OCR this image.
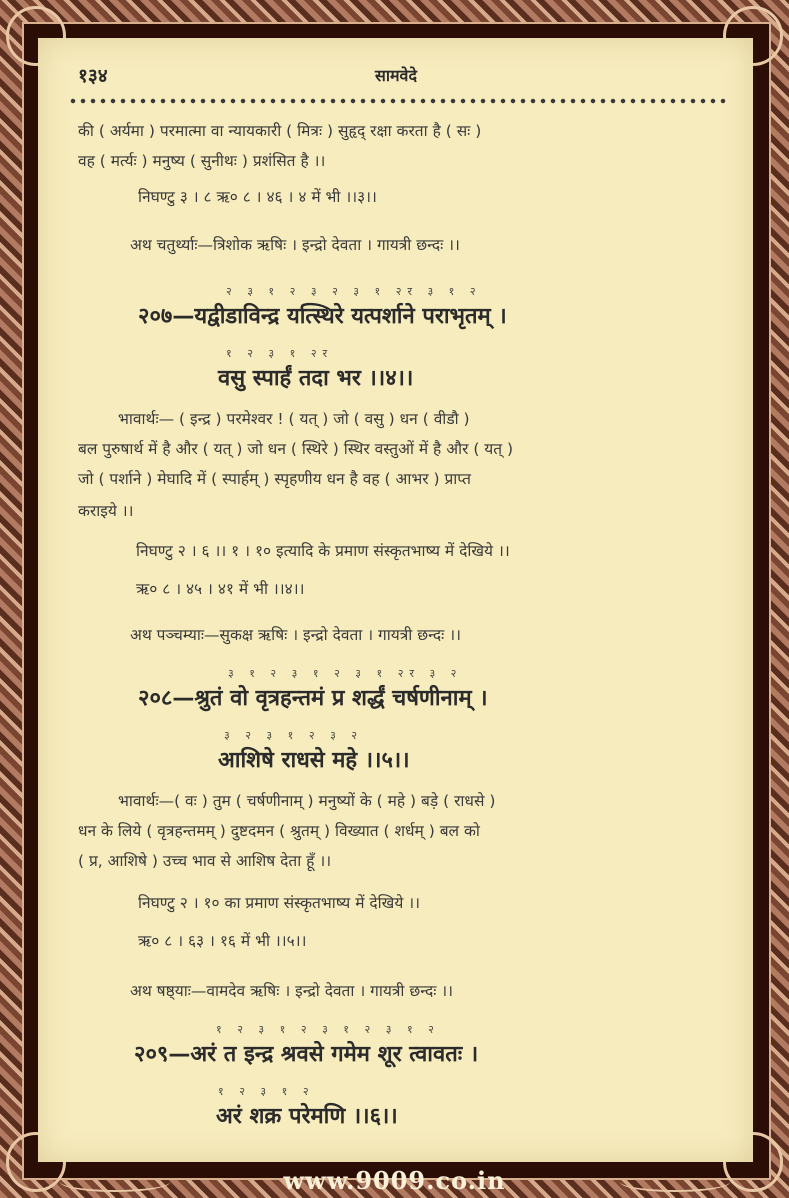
१३४	सामवेदे
की ( अर्यमा ) परमात्मा वा न्यायकारी ( मित्रः ) सुहृद् रक्षा करता है ( सः )
वह ( मर्त्यः ) मनुष्य ( सुनीथः ) प्रशंसित है ।।
निघण्टु ३ । ८ ऋ० ८ । ४६ । ४ में भी ।।३।।
अथ चतुर्थ्याः—त्रिशोक ऋषिः । इन्द्रो देवता । गायत्री छन्दः ।।
२ ३ १ २ ३ २ ३ १ २र ३ १ २
२०७—यद्वीडाविन्द्र यत्स्थिरे यत्पर्शाने पराभृतम् ।
१ २ ३ १ २र
वसु स्पार्हं तदा भर ।।४।।
भावार्थः— ( इन्द्र ) परमेश्वर ! ( यत् ) जो ( वसु ) धन ( वीडौ )
बल पुरुषार्थ में है और ( यत् ) जो धन ( स्थिरे ) स्थिर वस्तुओं में है और ( यत् )
जो ( पर्शाने ) मेघादि में ( स्पार्हम् ) स्पृहणीय धन है वह ( आभर ) प्राप्त
कराइये ।।
निघण्टु २ । ६ ।। १ । १० इत्यादि के प्रमाण संस्कृतभाष्य में देखिये ।।
ऋ० ८ । ४५ । ४१ में भी ।।४।।
अथ पञ्चम्याः—सुकक्ष ऋषिः । इन्द्रो देवता । गायत्री छन्दः ।।
३ १ २ ३ १ २ ३ १ २र ३ २
२०८—श्रुतं वो वृत्रहन्तमं प्र शर्द्धं चर्षणीनाम् ।
३ २ ३ १ २ ३ २
आशिषे राधसे महे ।।५।।
भावार्थः—( वः ) तुम ( चर्षणीनाम् ) मनुष्यों के ( महे ) बड़े ( राधसे )
धन के लिये ( वृत्रहन्तमम् ) दुष्टदमन ( श्रुतम् ) विख्यात ( शर्धम् ) बल को
( प्र, आशिषे ) उच्च भाव से आशिष देता हूँ ।।
निघण्टु २ । १० का प्रमाण संस्कृतभाष्य में देखिये ।।
ऋ० ८ । ६३ । १६ में भी ।।५।।
अथ षष्ठ्याः—वामदेव ऋषिः । इन्द्रो देवता । गायत्री छन्दः ।।
१ २ ३ १ २ ३ १ २ ३ १ २
२०९—अरं त इन्द्र श्रवसे गमेम शूर त्वावतः ।
१ २ ३ १ २
अरं शक्र परेमणि ।।६।।
www.9009.co.in
